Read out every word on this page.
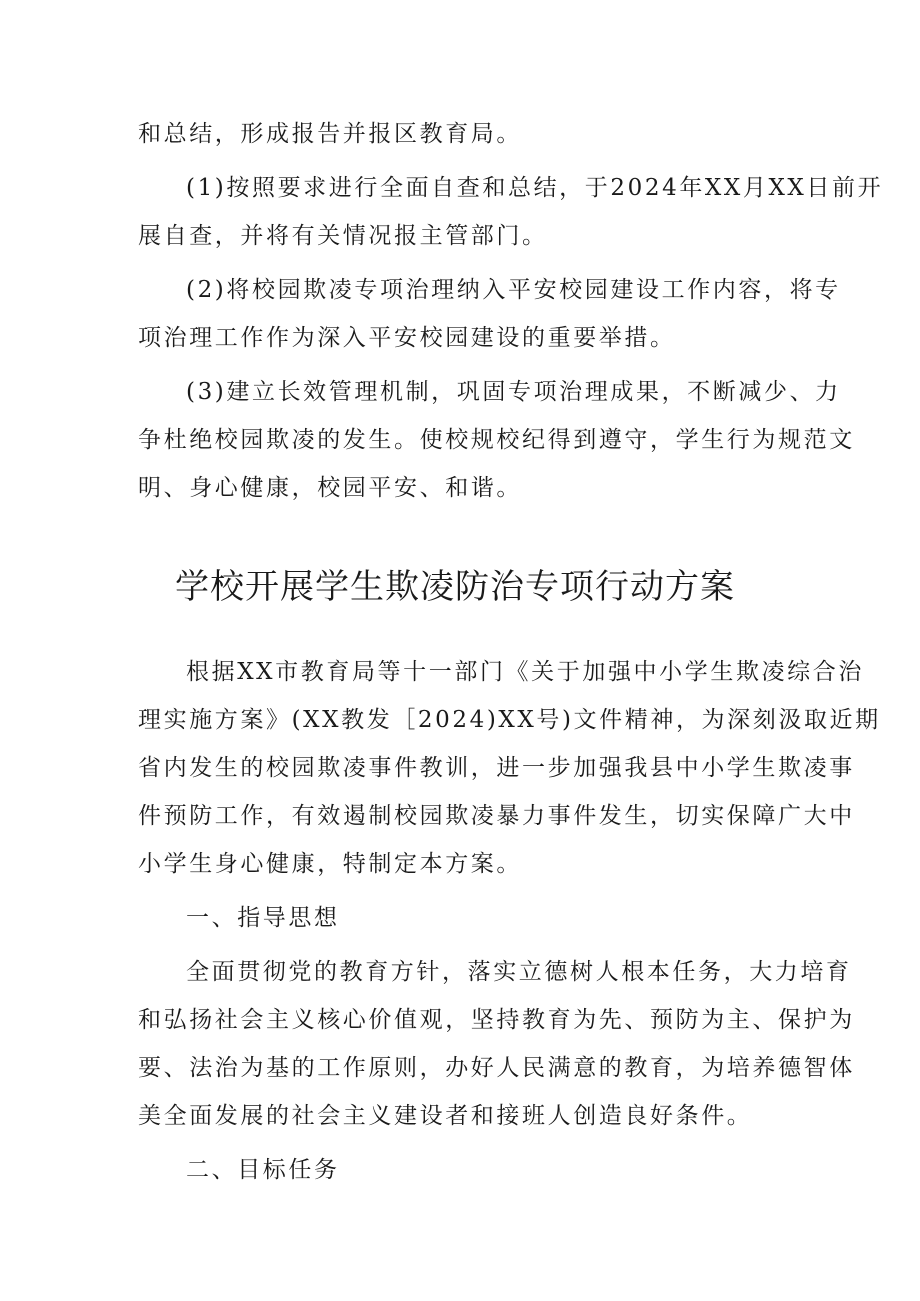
和总结，形成报告并报区教育局。
(1)按照要求进行全面自查和总结，于2024年XX月XX日前开
展自查，并将有关情况报主管部门。
(2)将校园欺凌专项治理纳入平安校园建设工作内容，将专
项治理工作作为深入平安校园建设的重要举措。
(3)建立长效管理机制，巩固专项治理成果，不断减少、力
争杜绝校园欺凌的发生。使校规校纪得到遵守，学生行为规范文
明、身心健康，校园平安、和谐。
学校开展学生欺凌防治专项行动方案
根据XX市教育局等十一部门《关于加强中小学生欺凌综合治
理实施方案》(XX教发［2024)XX号)文件精神，为深刻汲取近期
省内发生的校园欺凌事件教训，进一步加强我县中小学生欺凌事
件预防工作，有效遏制校园欺凌暴力事件发生，切实保障广大中
小学生身心健康，特制定本方案。
一、指导思想
全面贯彻党的教育方针，落实立德树人根本任务，大力培育
和弘扬社会主义核心价值观，坚持教育为先、预防为主、保护为
要、法治为基的工作原则，办好人民满意的教育，为培养德智体
美全面发展的社会主义建设者和接班人创造良好条件。
二、目标任务
